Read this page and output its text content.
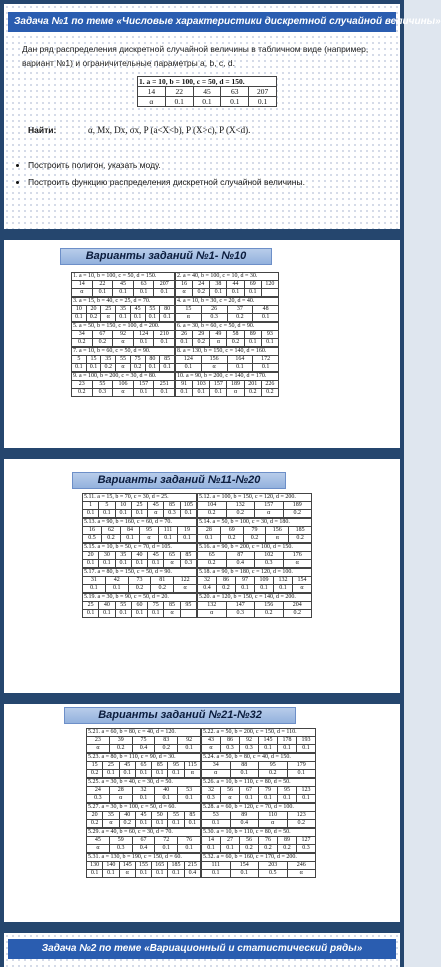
Задача №1 по теме «Числовые характеристики дискретной случайной величины»
Дан ряд распределения дискретной случайной величины в табличном виде (например, вариант №1) и ограничительные параметры a, b, c, d.
1. a = 10, b = 100, c = 50, d = 150.				
14	22	45	63	207
α	0.1	0.1	0.1	0.1
Найти:	α, Mx, Dx, σx, P (a<X<b), P (X>c), P (X<d).
• Построить полигон, указать моду.
• Построить функцию распределения дискретной случайной величины.
Варианты заданий №1- №10
1. a = 10, b = 100, c = 50, d = 150.				
14	22	45	63	207
α	0.1	0.1	0.1	0.1
2. a = 40, b = 100, c = 10, d = 30.					
16	24	38	44	69	120
α	0.2	0.1	0.1	0.1	
3. a = 15, b = 40, c = 25, d = 70.						
10	20	25	35	45	55	80
0.1	0.2	α	0.1	0.1	0.1	0.1
4. a = 10, b = 30, c = 20, d = 40.			
15	26	37	48
α	0.3	0.2	0.1
5. a = 50, b = 150, c = 100, d = 200.				
34	67	92	124	210
0.2	0.2	α	0.1	0.1
6. a = 30, b = 60, c = 50, d = 90.					
26	29	49	58	89	93
0.1	0.2	α	0.2	0.1	0.1
7. a = 10, b = 60, c = 50, d = 90.						
5	15	35	55	75	80	85
0.1	0.1	0.2	α	0.2	0.1	0.1
8. a = 130, b = 150, c = 140, d = 160.			
124	156	164	172
0.1	α	0.1	0.1
9. a = 100, b = 200, c = 30, d = 80.				
23	55	106	157	251
0.2	0.3	α	0.1	0.1
10. a = 90, b = 200, c = 140, d = 170.					
91	103	157	189	201	226
0.1	0.1	0.1	α	0.2	0.2
Варианты заданий №11-№20
5.11. a = 15, b = 70, c = 30, d = 25.						
1	5	10	25	45	85	105
0.1	0.1	0.1	0.1	α	0.3	0.1
5.12. a = 100, b = 150, c = 120, d = 200.			
104	132	157	189
0.2	0.2	α	0.2
5.13. a = 90, b = 160, c = 60, d = 70.					
16	62	84	95	111	19
0.5	0.2	0.1	α	0.1	0.1
5.14. a = 50, b = 100, c = 30, d = 180.				
28	69	79	156	185
0.1	0.2	0.2	α	0.2
5.15. a = 10, b = 50, c = 70, d = 105.						
20	30	35	40	45	65	85
0.1	0.1	0.1	0.1	0.1	α	0.3
5.16. a = 90, b = 200, c = 100, d = 150.			
65	87	102	176
0.2	0.4	0.3	α
5.17. a = 80, b = 150, c = 50, d = 90.				
31	42	73	81	122
0.1	0.1	0.2	0.2	α
5.18. a = 90, b = 180, c = 120, d = 100.					
32	86	97	109	132	154
0.4	0.2	0.1	0.1	0.1	α
5.19. a = 30, b = 90, c = 50, d = 20.						
25	40	55	60	75	85	95
0.1	0.1	0.1	0.1	0.1	α	
5.20. a = 120, b = 150, c = 140, d = 200.			
132	147	156	204
α	0.3	0.2	0.2
Варианты заданий №21-№32
5.21. a = 60, b = 80, c = 40, d = 120.				
23	39	75	83	92
α	0.2	0.4	0.2	0.1
5.22. a = 50, b = 200, c = 150, d = 110.					
43	86	92	145	178	193
α	0.3	0.3	0.1	0.1	0.1
5.23. a = 80, b = 110, c = 90, d = 30.						
15	25	45	65	85	95	115
0.2	0.1	0.1	0.1	0.1	0.1	α
5.24. a = 50, b = 80, c = 40, d = 150.			
34	88	95	179
α	0.1	0.2	0.1
5.25. a = 30, b = 40, c = 30, d = 50.				
24	28	32	40	53
0.3	α	0.1	0.1	0.1
5.26. a = 10, b = 110, c = 80, d = 50.					
32	56	67	79	95	123
0.3	α	0.1	0.1	0.1	0.1
5.27. a = 30, b = 100, c = 50, d = 60.						
20	35	40	45	50	55	85
0.2	α	0.2	0.1	0.1	0.1	0.1
5.28. a = 60, b = 120, c = 70, d = 100.			
53	89	110	123
0.1	0.4	α	0.2
5.29. a = 40, b = 60, c = 30, d = 70.				
45	59	67	72	76
α	0.3	0.4	0.1	0.1
5.30. a = 10, b = 110, c = 80, d = 50.					
14	27	56	76	89	127
0.1	0.1	0.2	0.2	0.2	0.3
5.31. a = 130, b = 190, c = 150, d = 60.						
130	140	145	155	165	185	215
0.1	0.1	α	0.1	0.1	0.1	0.4
5.32. a = 60, b = 160, c = 170, d = 200.			
111	154	203	246
0.1	0.1	0.5	α
Задача №2 по теме «Вариационный и статистический ряды»
